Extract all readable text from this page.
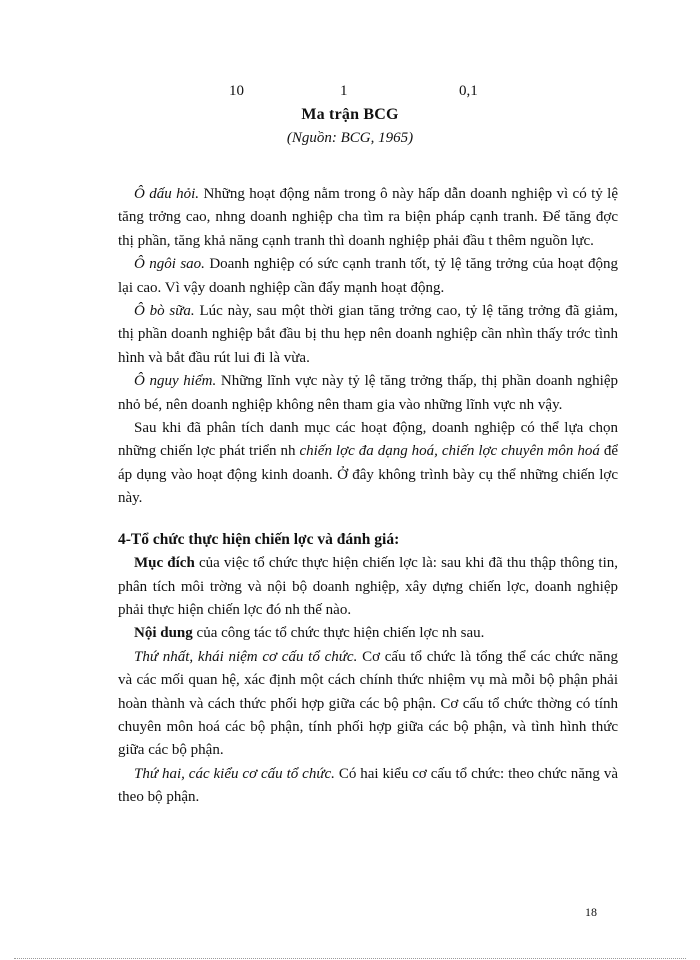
10	1	0,1
Ma trận BCG
(Nguồn: BCG, 1965)

Ô dấu hỏi. Những hoạt động nằm trong ô này hấp dẫn doanh nghiệp vì có tỷ lệ tăng trởng cao, nhng doanh nghiệp cha tìm ra biện pháp cạnh tranh. Để tăng đợc thị phần, tăng khả năng cạnh tranh thì doanh nghiệp phải đầu t thêm nguồn lực.

Ô ngôi sao. Doanh nghiệp có sức cạnh tranh tốt, tỷ lệ tăng trởng của hoạt động lại cao. Vì vậy doanh nghiệp cần đẩy mạnh hoạt động.

Ô bò sữa. Lúc này, sau một thời gian tăng trởng cao, tỷ lệ tăng trởng đã giảm, thị phần doanh nghiệp bắt đầu bị thu hẹp nên doanh nghiệp cần nhìn thấy trớc tình hình và bắt đầu rút lui đi là vừa.

Ô nguy hiểm. Những lĩnh vực này tỷ lệ tăng trởng thấp, thị phần doanh nghiệp nhỏ bé, nên doanh nghiệp không nên tham gia vào những lĩnh vực nh vậy.

Sau khi đã phân tích danh mục các hoạt động, doanh nghiệp có thể lựa chọn những chiến lợc phát triển nh chiến lợc đa dạng hoá, chiến lợc chuyên môn hoá để áp dụng vào hoạt động kinh doanh. Ở đây không trình bày cụ thể những chiến lợc này.

4-Tổ chức thực hiện chiến lợc và đánh giá:

Mục đích của việc tổ chức thực hiện chiến lợc là: sau khi đã thu thập thông tin, phân tích môi trờng và nội bộ doanh nghiệp, xây dựng chiến lợc, doanh nghiệp phải thực hiện chiến lợc đó nh thế nào.

Nội dung của công tác tổ chức thực hiện chiến lợc nh sau.

Thứ nhất, khái niệm cơ cấu tổ chức. Cơ cấu tổ chức là tổng thể các chức năng và các mối quan hệ, xác định một cách chính thức nhiệm vụ mà mỗi bộ phận phải hoàn thành và cách thức phối hợp giữa các bộ phận. Cơ cấu tổ chức thờng có tính chuyên môn hoá các bộ phận, tính phối hợp giữa các bộ phận, và tình hình thức giữa các bộ phận.

Thứ hai, các kiểu cơ cấu tổ chức. Có hai kiểu cơ cấu tổ chức: theo chức năng và theo bộ phận.

18
